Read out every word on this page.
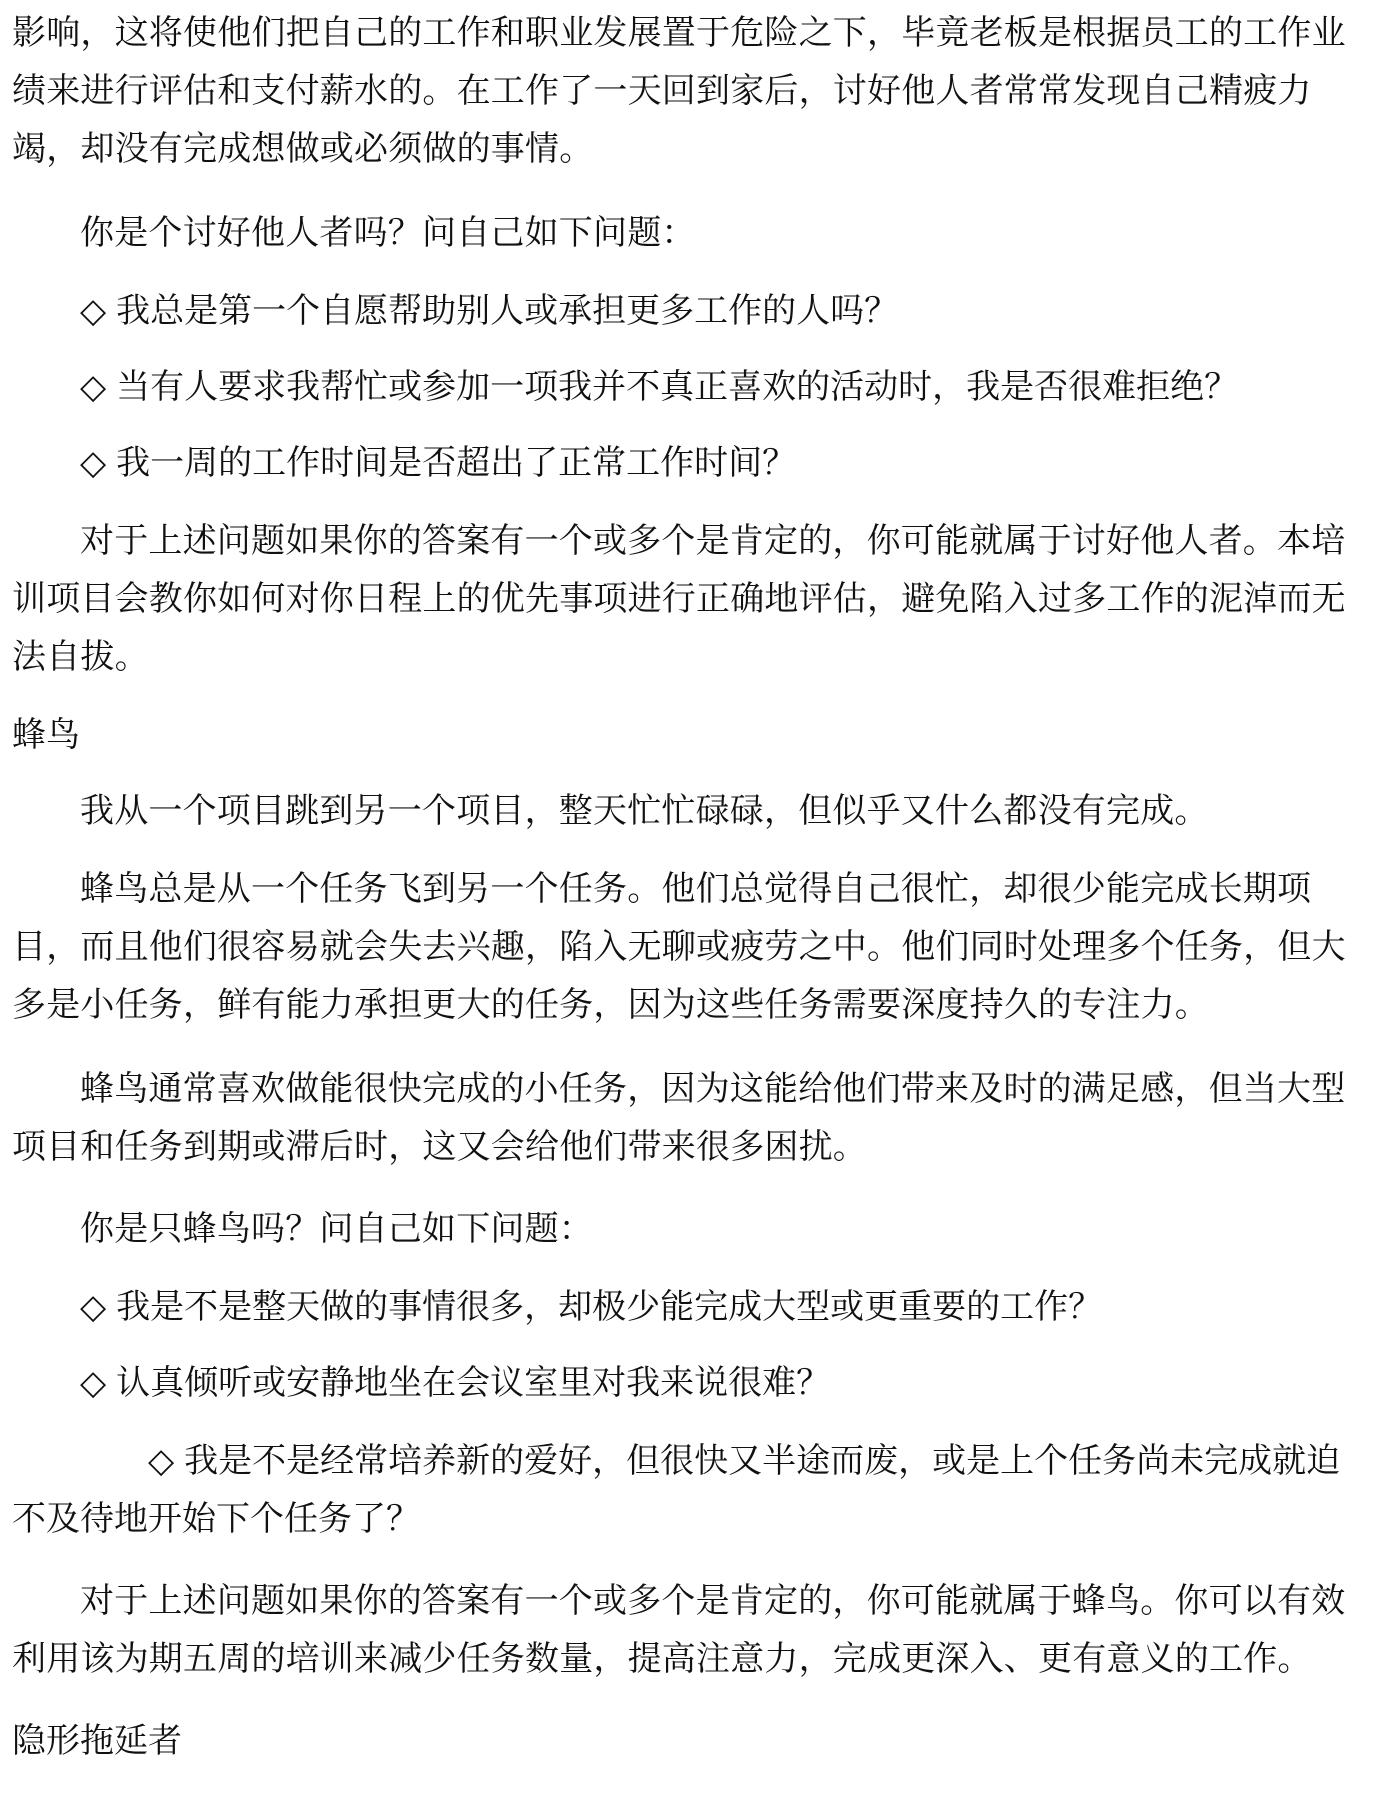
影响，这将使他们把自己的工作和职业发展置于危险之下，毕竟老板是根据员工的工作业绩来进行评估和支付薪水的。在工作了一天回到家后，讨好他人者常常发现自己精疲力竭，却没有完成想做或必须做的事情。

你是个讨好他人者吗？问自己如下问题：

◇ 我总是第一个自愿帮助别人或承担更多工作的人吗？

◇ 当有人要求我帮忙或参加一项我并不真正喜欢的活动时，我是否很难拒绝？

◇ 我一周的工作时间是否超出了正常工作时间？

对于上述问题如果你的答案有一个或多个是肯定的，你可能就属于讨好他人者。本培训项目会教你如何对你日程上的优先事项进行正确地评估，避免陷入过多工作的泥淖而无法自拔。

蜂鸟

我从一个项目跳到另一个项目，整天忙忙碌碌，但似乎又什么都没有完成。

蜂鸟总是从一个任务飞到另一个任务。他们总觉得自己很忙，却很少能完成长期项目，而且他们很容易就会失去兴趣，陷入无聊或疲劳之中。他们同时处理多个任务，但大多是小任务，鲜有能力承担更大的任务，因为这些任务需要深度持久的专注力。

蜂鸟通常喜欢做能很快完成的小任务，因为这能给他们带来及时的满足感，但当大型项目和任务到期或滞后时，这又会给他们带来很多困扰。

你是只蜂鸟吗？问自己如下问题：

◇ 我是不是整天做的事情很多，却极少能完成大型或更重要的工作？

◇ 认真倾听或安静地坐在会议室里对我来说很难？

◇ 我是不是经常培养新的爱好，但很快又半途而废，或是上个任务尚未完成就迫不及待地开始下个任务了？

对于上述问题如果你的答案有一个或多个是肯定的，你可能就属于蜂鸟。你可以有效利用该为期五周的培训来减少任务数量，提高注意力，完成更深入、更有意义的工作。

隐形拖延者
